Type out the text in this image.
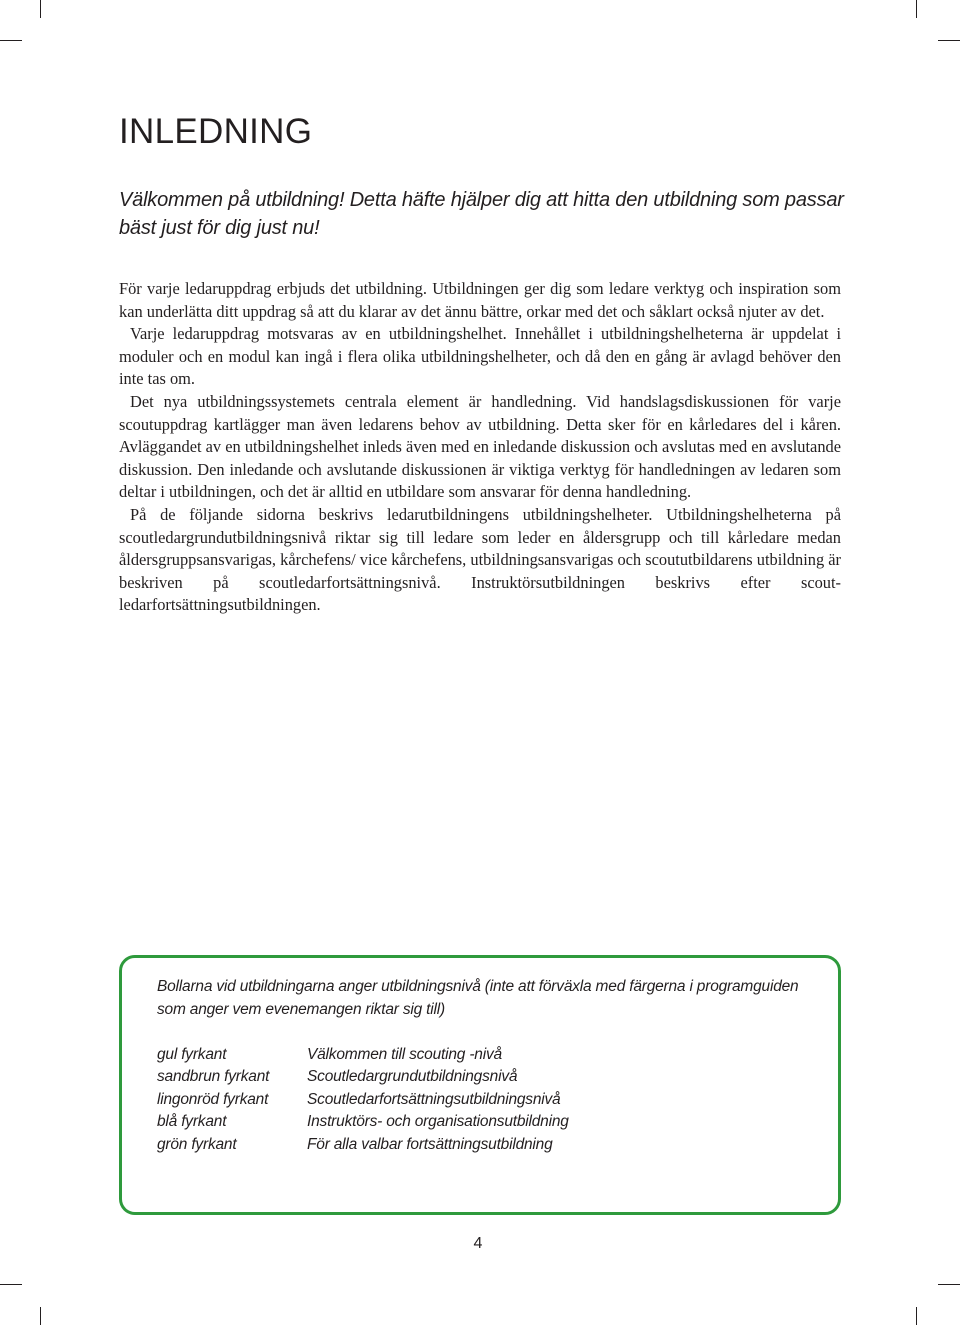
INLEDNING

Välkommen på utbildning! Detta häfte hjälper dig att hitta den utbildning som passar bäst just för dig just nu!

För varje ledaruppdrag erbjuds det utbildning. Utbildningen ger dig som ledare verktyg och inspiration som kan underlätta ditt uppdrag så att du klarar av det ännu bättre, orkar med det och såklart också njuter av det.

Varje ledaruppdrag motsvaras av en utbildningshelhet. Innehållet i utbildningshelheterna är uppdelat i moduler och en modul kan ingå i flera olika utbildningshelheter, och då den en gång är avlagd behöver den inte tas om.

Det nya utbildningssystemets centrala element är handledning. Vid handslagsdiskussionen för varje scoutuppdrag kartlägger man även ledarens behov av utbildning. Detta sker för en kårledares del i kåren. Avläggandet av en utbildningshelhet inleds även med en inledande diskussion och avslutas med en avslutande diskussion. Den inledande och avslutande diskussionen är viktiga verktyg för handledningen av ledaren som deltar i utbildningen, och det är alltid en utbildare som ansvarar för denna handledning.

På de följande sidorna beskrivs ledarutbildningens utbildningshelheter. Utbildningshelheterna på scoutledargrundutbildningsnivå riktar sig till ledare som leder en åldersgrupp och till kårledare medan åldersgruppsansvarigas, kårchefens/ vice kårchefens, utbildningsansvarigas och scoututbildarens utbildning är beskriven på scoutledarfortsättningsnivå. Instruktörsutbildningen beskrivs efter scout-ledarfortsättningsutbildningen.

Bollarna vid utbildningarna anger utbildningsnivå (inte att förväxla med färgerna i programguiden som anger vem evenemangen riktar sig till)

gul fyrkant	Välkommen till scouting -nivå
sandbrun fyrkant	Scoutledargrundutbildningsnivå
lingonröd fyrkant	Scoutledarfortsättningsutbildningsnivå
blå fyrkant	Instruktörs- och organisationsutbildning
grön fyrkant	För alla valbar fortsättningsutbildning
4
